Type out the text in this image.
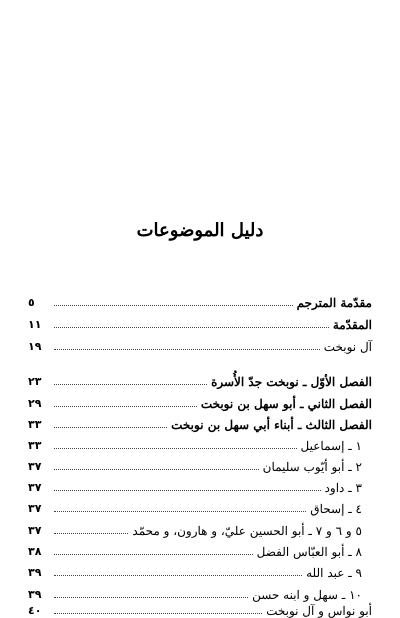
دليل الموضوعات
مقدّمة المترجم
٥
المقدّمة
١١
آل نوبخت
١٩
الفصل الأوّل ـ نوبخت جدّ الأُسرة
٢٣
الفصل الثاني ـ أبو سهل بن نوبخت
٢٩
الفصل الثالث ـ أبناء أبي سهل بن نوبخت
٣٣
١ ـ إسماعيل
٣٣
٢ ـ أبو أيّوب سليمان
٣٧
٣ ـ داود
٣٧
٤ ـ إسحاق
٣٧
٥ و ٦ و ٧ ـ أبو الحسين عليّ، و هارون، و محمّد
٣٧
٨ ـ أبو العبّاس الفضل
٣٨
٩ ـ عبد الله
٣٩
١٠ ـ سهل و ابنه حسن
٣٩
أبو نواس و آل نوبخت
٤٠
